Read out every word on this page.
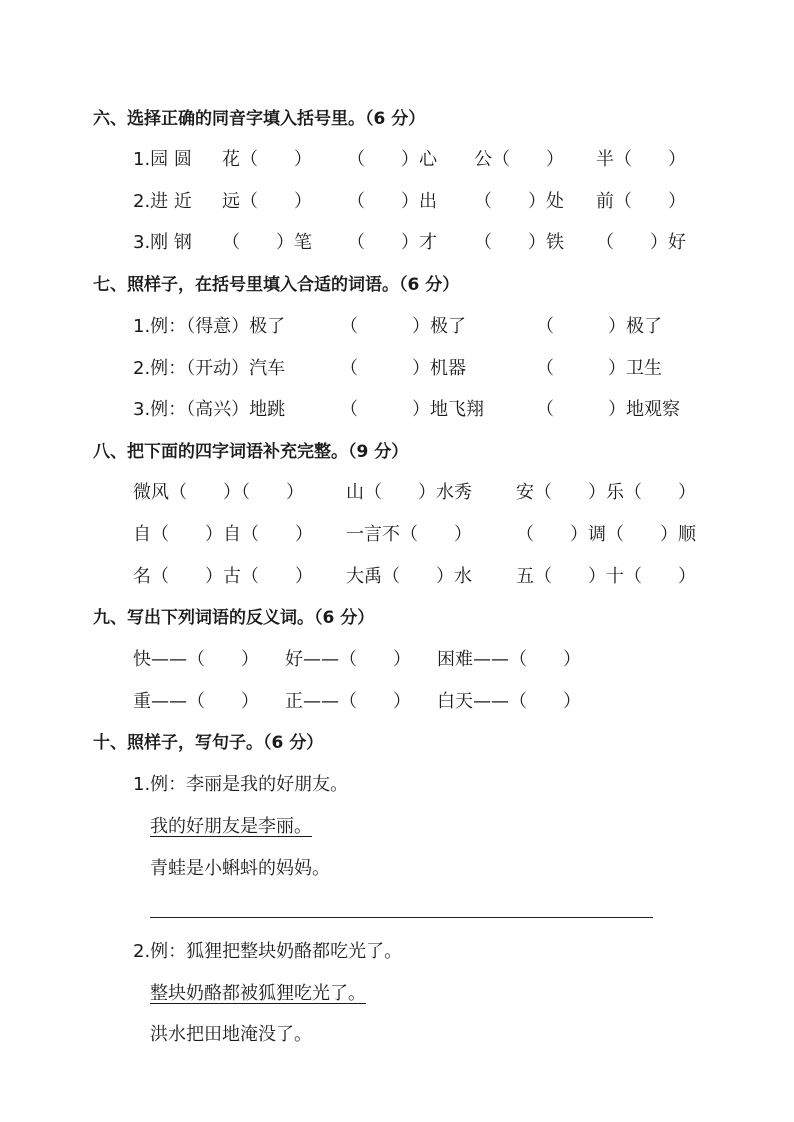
六、选择正确的同音字填入括号里。（6 分）
1.园 圆 花（　　） （　　）心 公（　　） 半（　　）
2.进 近 远（　　） （　　）出 （　　）处 前（　　）
3.刚 钢 （　　）笔 （　　）才 （　　）铁 （　　）好
七、照样子，在括号里填入合适的词语。（6 分）
1.例：（得意）极了	（　　　）极了	（　　　）极了
2.例：（开动）汽车	（　　　）机器	（　　　）卫生
3.例：（高兴）地跳	（　　　）地飞翔	（　　　）地观察
八、把下面的四字词语补充完整。（9 分）
微风（　　）（　　） 山（　　）水秀 安（　　）乐（　　）
自（　　）自（　　） 一言不（　　） （　　）调（　　）顺
名（　　）古（　　） 大禹（　　）水 五（　　）十（　　）
九、写出下列词语的反义词。（6 分）
快——（　　） 好——（　　） 困难——（　　）
重——（　　） 正——（　　） 白天——（　　）
十、照样子，写句子。（6 分）
1.例：李丽是我的好朋友。
我的好朋友是李丽。
青蛙是小蝌蚪的妈妈。
2.例：狐狸把整块奶酪都吃光了。
整块奶酪都被狐狸吃光了。
洪水把田地淹没了。
